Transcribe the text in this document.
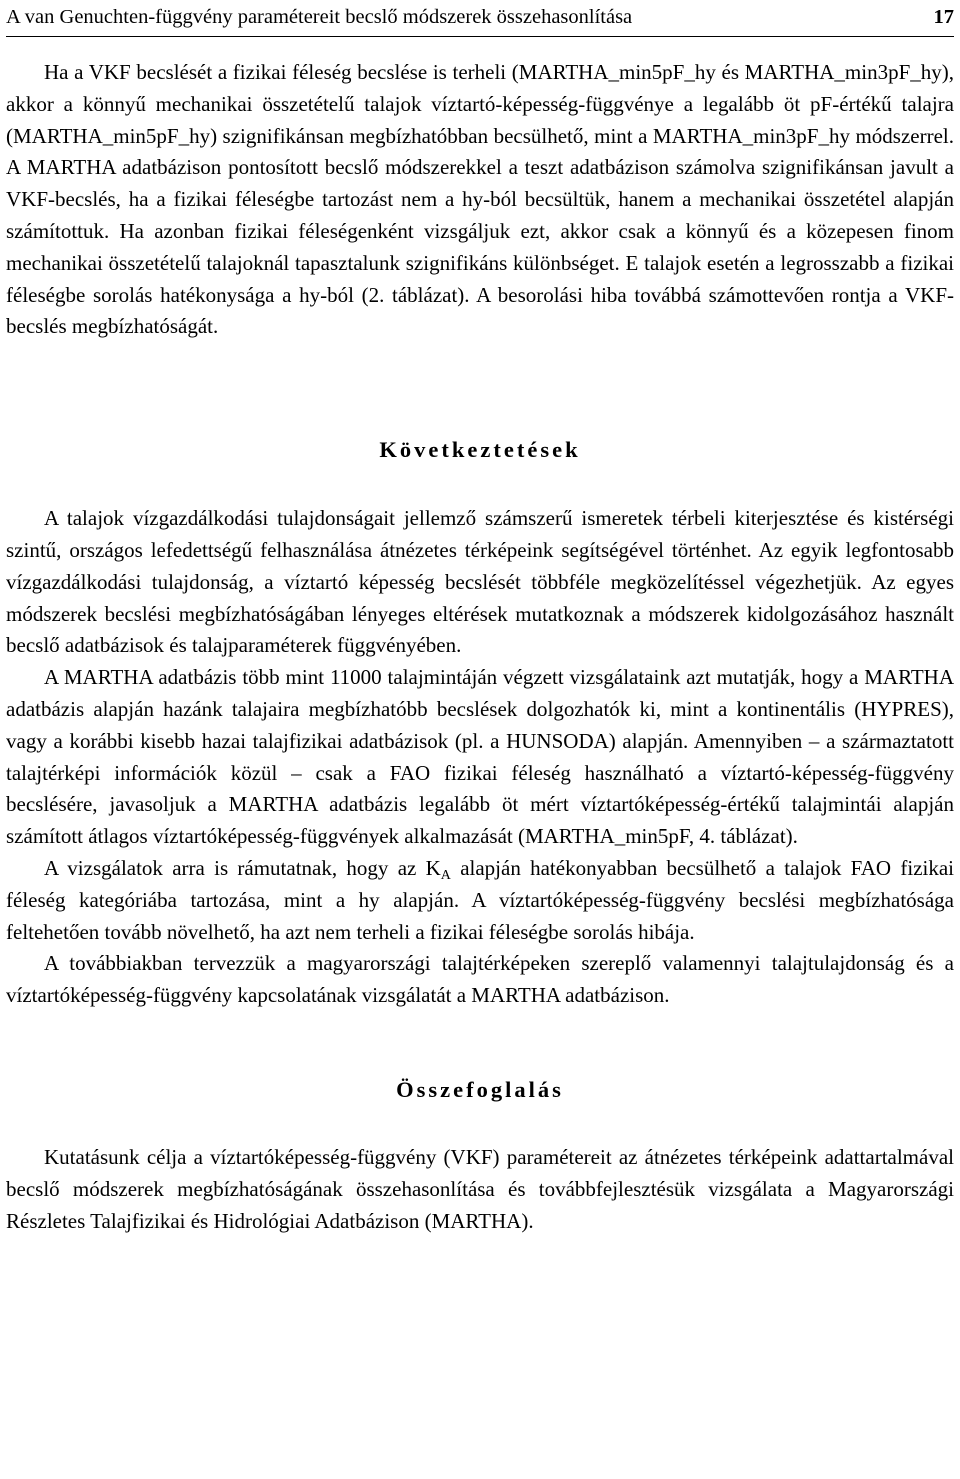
A van Genuchten-függvény paramétereit becslő módszerek összehasonlítása	17

Ha a VKF becslését a fizikai féleség becslése is terheli (MARTHA_min5pF_hy és MARTHA_min3pF_hy), akkor a könnyű mechanikai összetételű talajok víztartó-képesség-függvénye a legalább öt pF-értékű talajra (MARTHA_min5pF_hy) szignifikánsan megbízhatóbban becsülhető, mint a MARTHA_min3pF_hy módszerrel. A MARTHA adatbázison pontosított becslő módszerekkel a teszt adatbázison számolva szignifikánsan javult a VKF-becslés, ha a fizikai féleségbe tartozást nem a hy-ból becsültük, hanem a mechanikai összetétel alapján számítottuk. Ha azonban fizikai féleségenként vizsgáljuk ezt, akkor csak a könnyű és a közepesen finom mechanikai összetételű talajoknál tapasztalunk szignifikáns különbséget. E talajok esetén a legrosszabb a fizikai féleségbe sorolás hatékonysága a hy-ból (2. táblázat). A besorolási hiba továbbá számottevően rontja a VKF-becslés megbízhatóságát.

Következtetések

A talajok vízgazdálkodási tulajdonságait jellemző számszerű ismeretek térbeli kiterjesztése és kistérségi szintű, országos lefedettségű felhasználása átnézetes térképeink segítségével történhet. Az egyik legfontosabb vízgazdálkodási tulajdonság, a víztartó képesség becslését többféle megközelítéssel végezhetjük. Az egyes módszerek becslési megbízhatóságában lényeges eltérések mutatkoznak a módszerek kidolgozásához használt becslő adatbázisok és talajparaméterek függvényében.

A MARTHA adatbázis több mint 11000 talajmintáján végzett vizsgálataink azt mutatják, hogy a MARTHA adatbázis alapján hazánk talajaira megbízhatóbb becslések dolgozhatók ki, mint a kontinentális (HYPRES), vagy a korábbi kisebb hazai talajfizikai adatbázisok (pl. a HUNSODA) alapján. Amennyiben – a származtatott talajtérképi információk közül – csak a FAO fizikai féleség használható a víztartó-képesség-függvény becslésére, javasoljuk a MARTHA adatbázis legalább öt mért víztartóképesség-értékű talajmintái alapján számított átlagos víztartóképesség-függvények alkalmazását (MARTHA_min5pF, 4. táblázat).

A vizsgálatok arra is rámutatnak, hogy az $K_A$ alapján hatékonyabban becsülhető a talajok FAO fizikai féleség kategóriába tartozása, mint a hy alapján. A víztartóképesség-függvény becslési megbízhatósága feltehetően tovább növelhető, ha azt nem terheli a fizikai féleségbe sorolás hibája.

A továbbiakban tervezzük a magyarországi talajtérképeken szereplő valamennyi talajtulajdonság és a víztartóképesség-függvény kapcsolatának vizsgálatát a MARTHA adatbázison.

Összefoglalás

Kutatásunk célja a víztartóképesség-függvény (VKF) paramétereit az átnézetes térképeink adattartalmával becslő módszerek megbízhatóságának összehasonlítása és továbbfejlesztésük vizsgálata a Magyarországi Részletes Talajfizikai és Hidrológiai Adatbázison (MARTHA).
